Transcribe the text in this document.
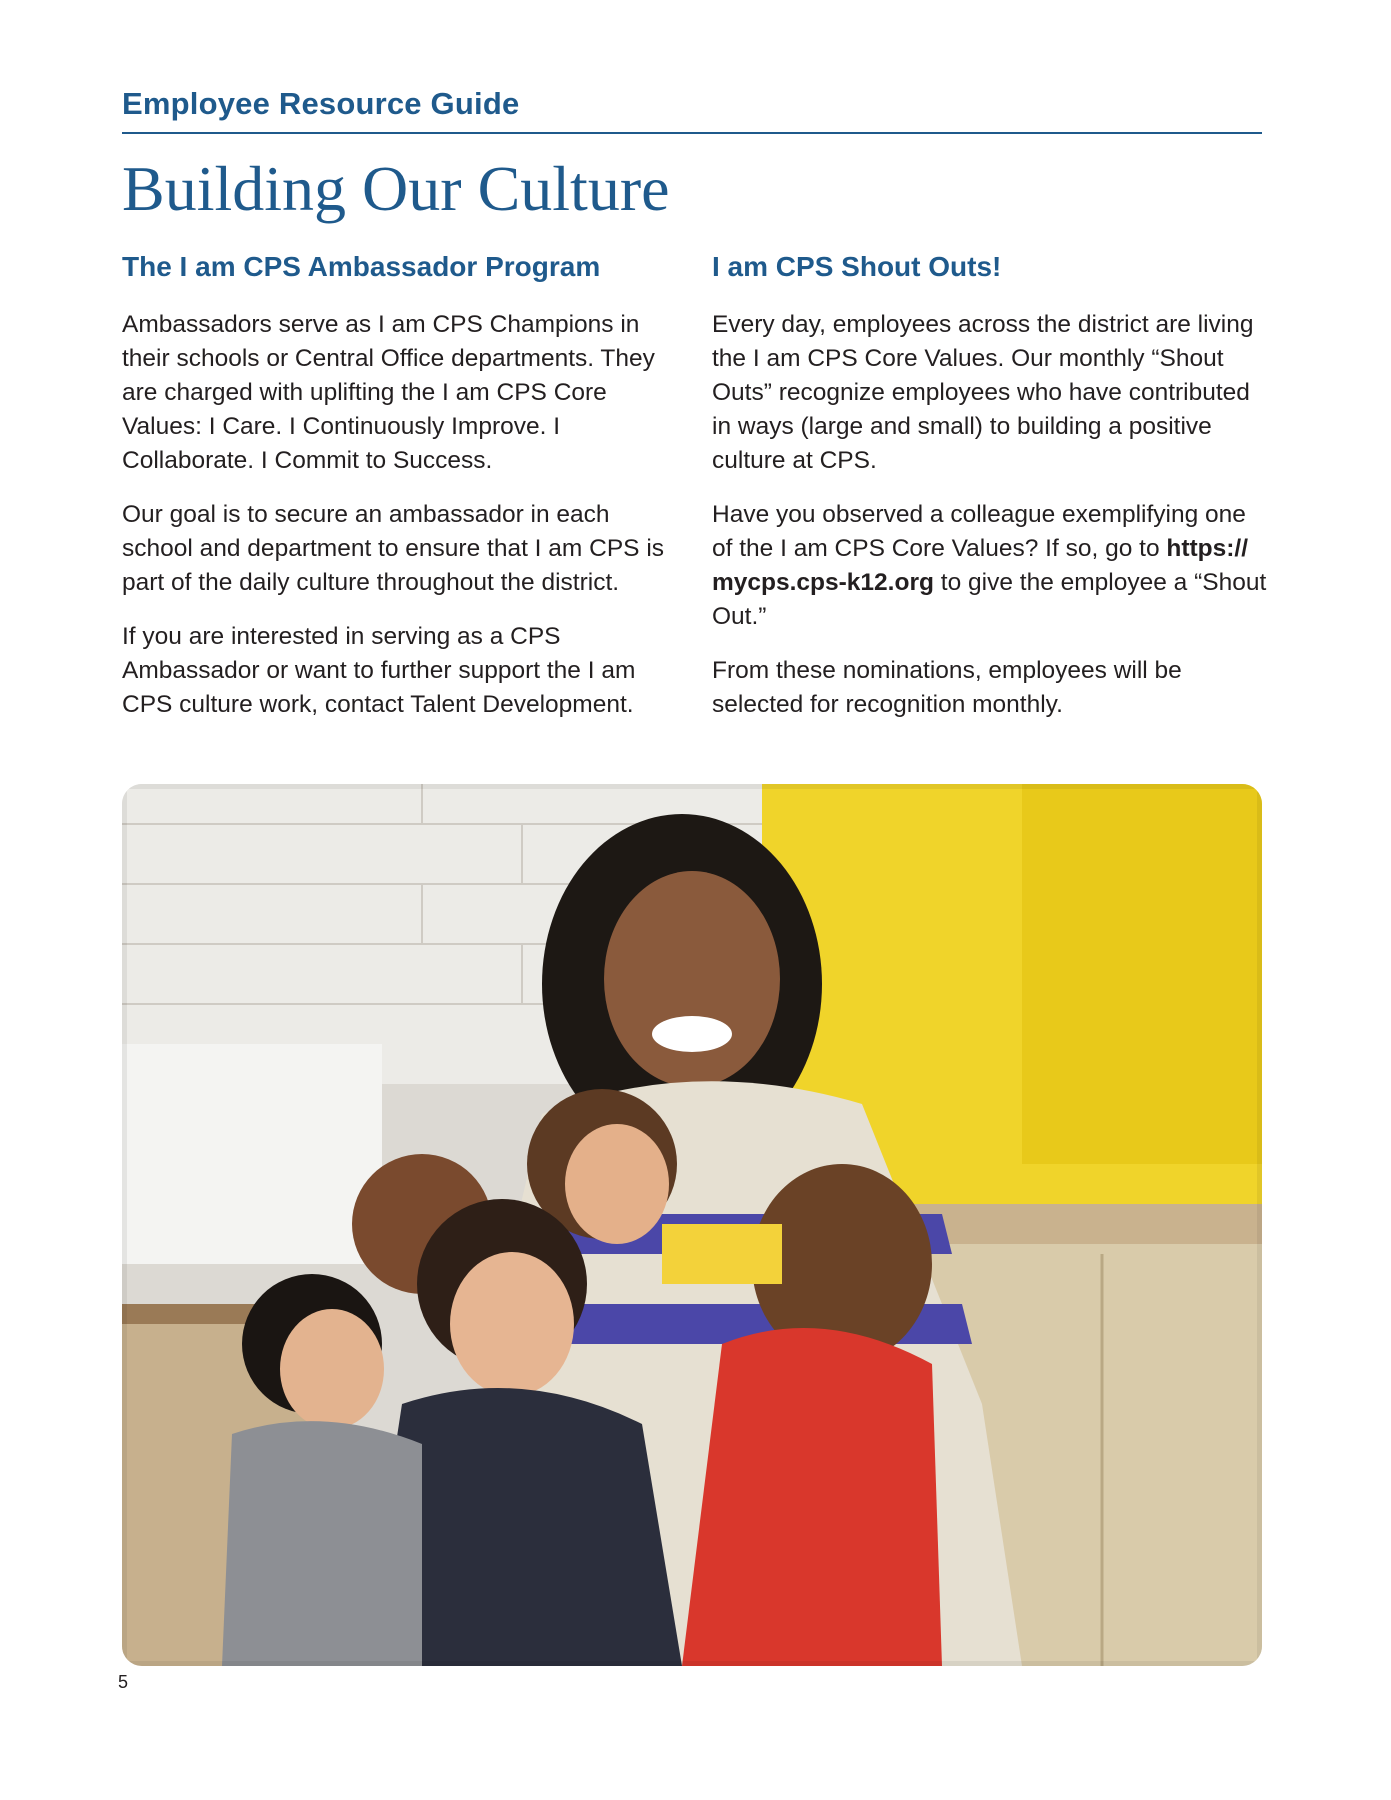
Employee Resource Guide
Building Our Culture
The I am CPS Ambassador Program

Ambassadors serve as I am CPS Champions in their schools or Central Office departments. They are charged with uplifting the I am CPS Core Values: I Care. I Continuously Improve. I Collaborate. I Commit to Success.

Our goal is to secure an ambassador in each school and department to ensure that I am CPS is part of the daily culture throughout the district.

If you are interested in serving as a CPS Ambassador or want to further support the I am CPS culture work, contact Talent Development.

I am CPS Shout Outs!

Every day, employees across the district are living the I am CPS Core Values. Our monthly “Shout Outs” recognize employees who have contributed in ways (large and small) to building a positive culture at CPS.

Have you observed a colleague exemplifying one of the I am CPS Core Values? If so, go to https:// mycps.cps-k12.org to give the employee a “Shout Out.”

From these nominations, employees will be selected for recognition monthly.

5
